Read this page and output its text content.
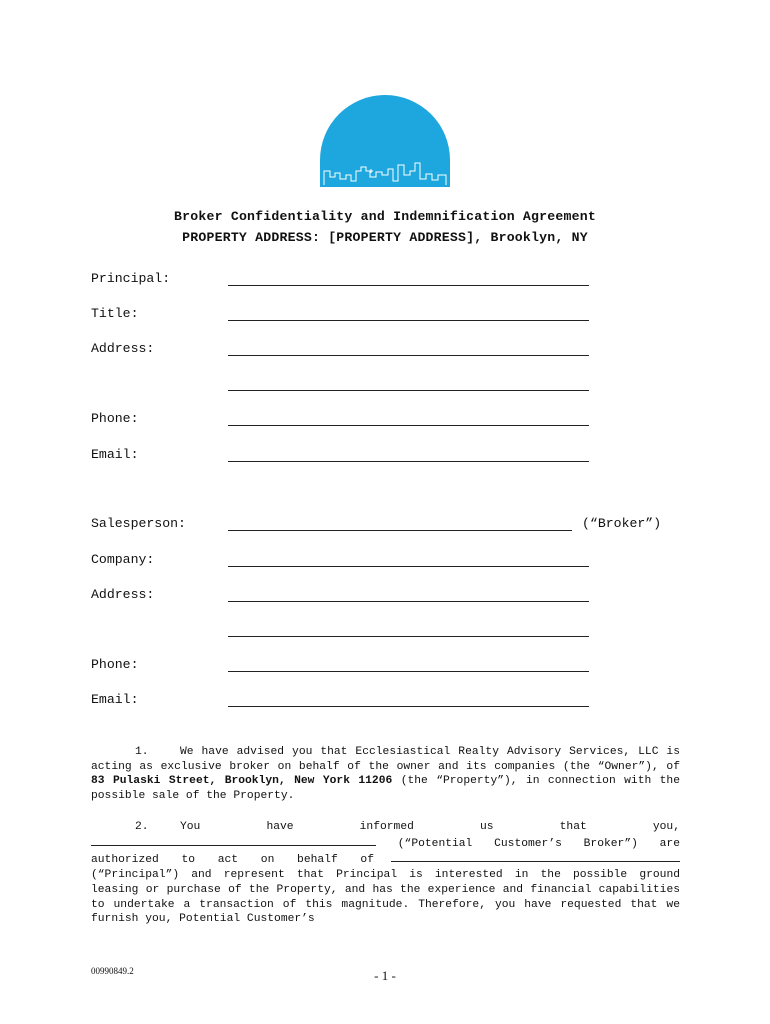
Broker Confidentiality and Indemnification Agreement
PROPERTY ADDRESS: [PROPERTY ADDRESS], Brooklyn, NY
Principal:
Title:
Address:
Phone:
Email:
Salesperson:	(“Broker”)
Company:
Address:
Phone:
Email:
1.	We have advised you that Ecclesiastical Realty Advisory Services, LLC is acting as exclusive broker on behalf of the owner and its companies (the “Owner”), of 83 Pulaski Street, Brooklyn, New York 11206 (the “Property”), in connection with the possible sale of the Property.
2.	You have informed us that you,
(“Potential Customer’s Broker”) are
authorized to act on behalf of
(“Principal”) and represent that Principal is interested in the possible ground leasing or purchase of the Property, and has the experience and financial capabilities to undertake a transaction of this magnitude. Therefore, you have requested that we furnish you, Potential Customer’s
00990849.2	- 1 -
